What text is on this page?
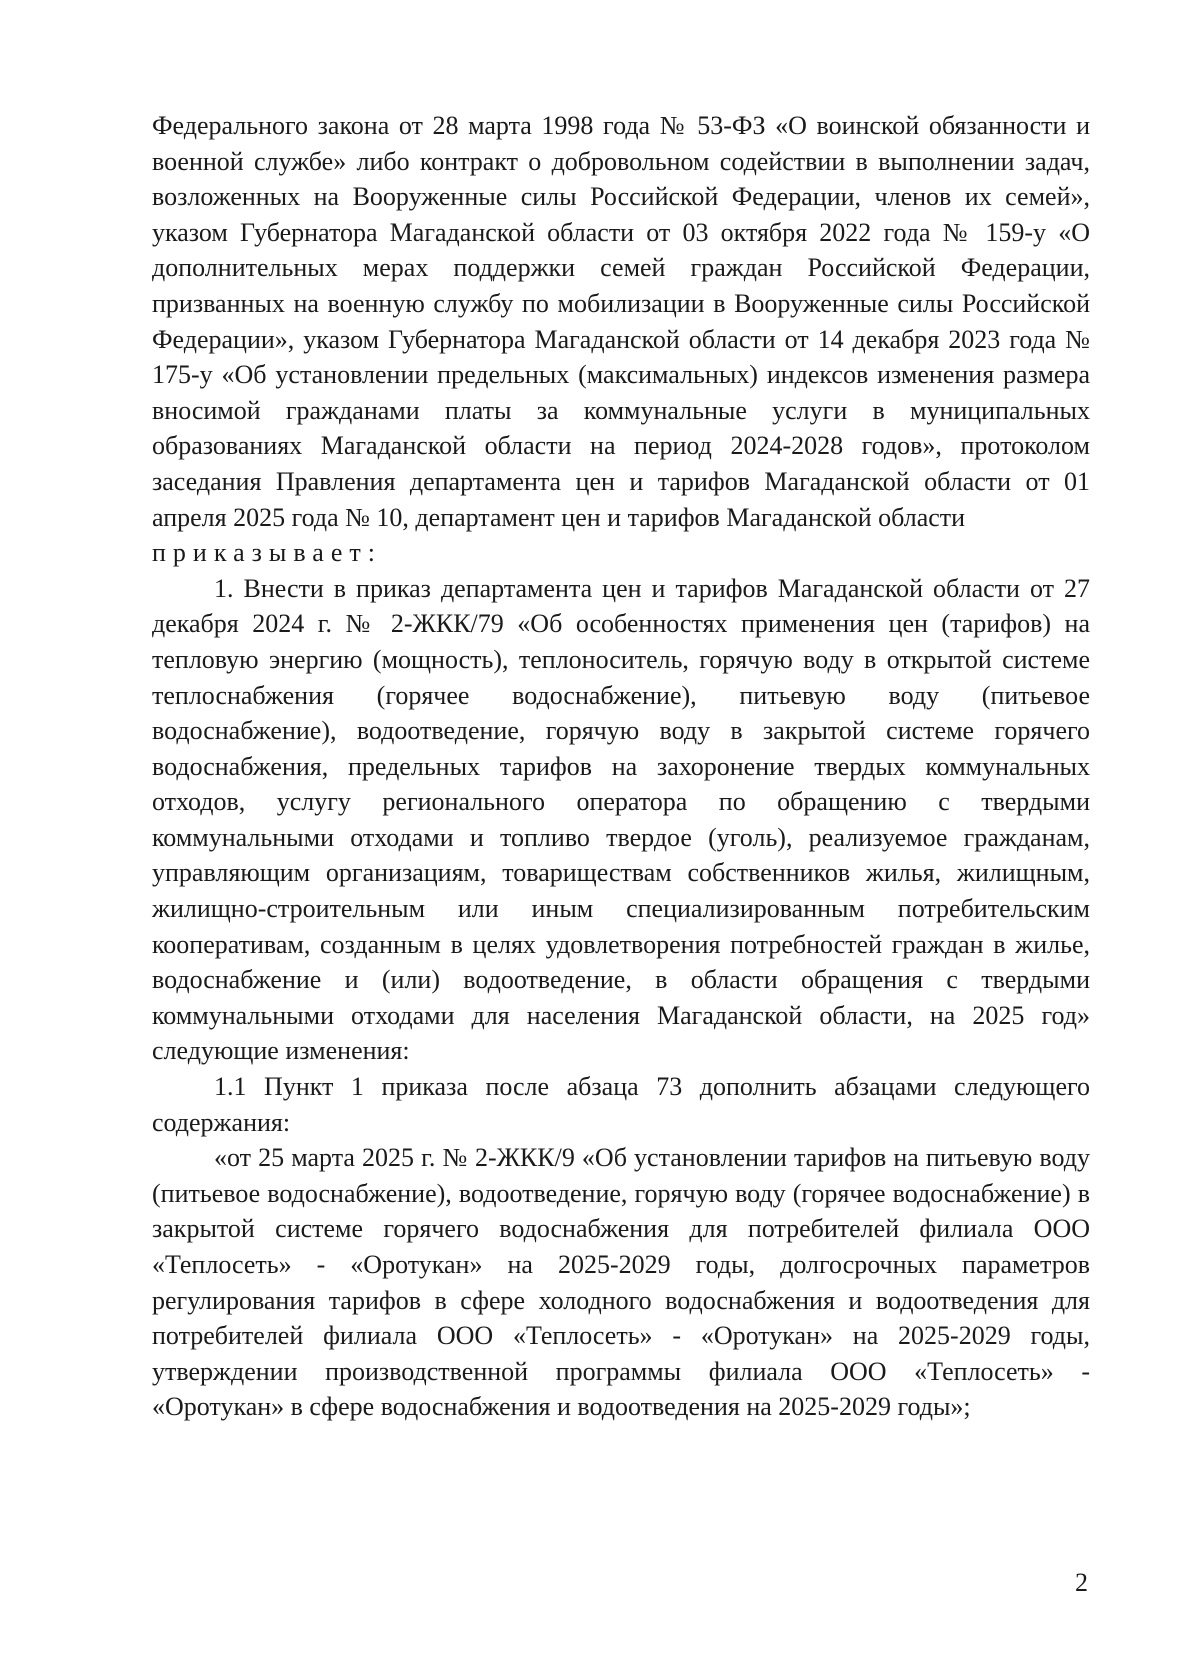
Федерального закона от 28 марта 1998 года № 53-ФЗ «О воинской обязанности и военной службе» либо контракт о добровольном содействии в выполнении задач, возложенных на Вооруженные силы Российской Федерации, членов их семей», указом Губернатора Магаданской области от 03 октября 2022 года № 159-у «О дополнительных мерах поддержки семей граждан Российской Федерации, призванных на военную службу по мобилизации в Вооруженные силы Российской Федерации», указом Губернатора Магаданской области от 14 декабря 2023 года № 175-у «Об установлении предельных (максимальных) индексов изменения размера вносимой гражданами платы за коммунальные услуги в муниципальных образованиях Магаданской области на период 2024-2028 годов», протоколом заседания Правления департамента цен и тарифов Магаданской области от 01 апреля 2025 года № 10, департамент цен и тарифов Магаданской области

приказывает:

1. Внести в приказ департамента цен и тарифов Магаданской области от 27 декабря 2024 г. № 2-ЖКК/79 «Об особенностях применения цен (тарифов) на тепловую энергию (мощность), теплоноситель, горячую воду в открытой системе теплоснабжения (горячее водоснабжение), питьевую воду (питьевое водоснабжение), водоотведение, горячую воду в закрытой системе горячего водоснабжения, предельных тарифов на захоронение твердых коммунальных отходов, услугу регионального оператора по обращению с твердыми коммунальными отходами и топливо твердое (уголь), реализуемое гражданам, управляющим организациям, товариществам собственников жилья, жилищным, жилищно-строительным или иным специализированным потребительским кооперативам, созданным в целях удовлетворения потребностей граждан в жилье, водоснабжение и (или) водоотведение, в области обращения с твердыми коммунальными отходами для населения Магаданской области, на 2025 год» следующие изменения:

1.1 Пункт 1 приказа после абзаца 73 дополнить абзацами следующего содержания:

«от 25 марта 2025 г. № 2-ЖКК/9 «Об установлении тарифов на питьевую воду (питьевое водоснабжение), водоотведение, горячую воду (горячее водоснабжение) в закрытой системе горячего водоснабжения для потребителей филиала ООО «Теплосеть» - «Оротукан» на 2025-2029 годы, долгосрочных параметров регулирования тарифов в сфере холодного водоснабжения и водоотведения для потребителей филиала ООО «Теплосеть» - «Оротукан» на 2025-2029 годы, утверждении производственной программы филиала ООО «Теплосеть» - «Оротукан» в сфере водоснабжения и водоотведения на 2025-2029 годы»;

2
